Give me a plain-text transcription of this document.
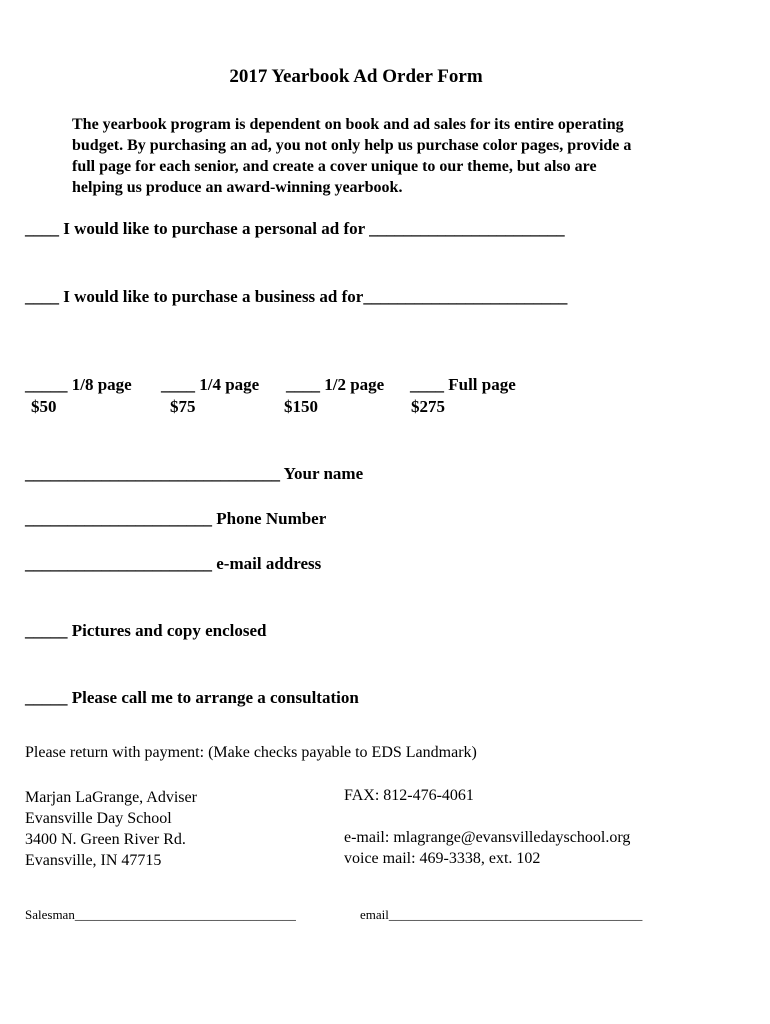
2017 Yearbook Ad Order Form
The yearbook program is dependent on book and ad sales for its entire operating
budget. By purchasing an ad, you not only help us purchase color pages, provide a
full page for each senior, and create a cover unique to our theme, but also are
helping us produce an award-winning yearbook.
____ I would like to purchase a personal ad for _______________________
____ I would like to purchase a business ad for________________________
_____ 1/8 page ____ 1/4 page ____ 1/2 page ____ Full page
$50	$75	$150	$275
______________________________ Your name
______________________ Phone Number
______________________ e-mail address
_____ Pictures and copy enclosed
_____ Please call me to arrange a consultation
Please return with payment: (Make checks payable to EDS Landmark)
Marjan LaGrange, Adviser
Evansville Day School
3400 N. Green River Rd.
Evansville, IN 47715
FAX: 812-476-4061
e-mail: mlagrange@evansvilledayschool.org
voice mail: 469-3338, ext. 102
Salesman__________________________________	email_______________________________________
